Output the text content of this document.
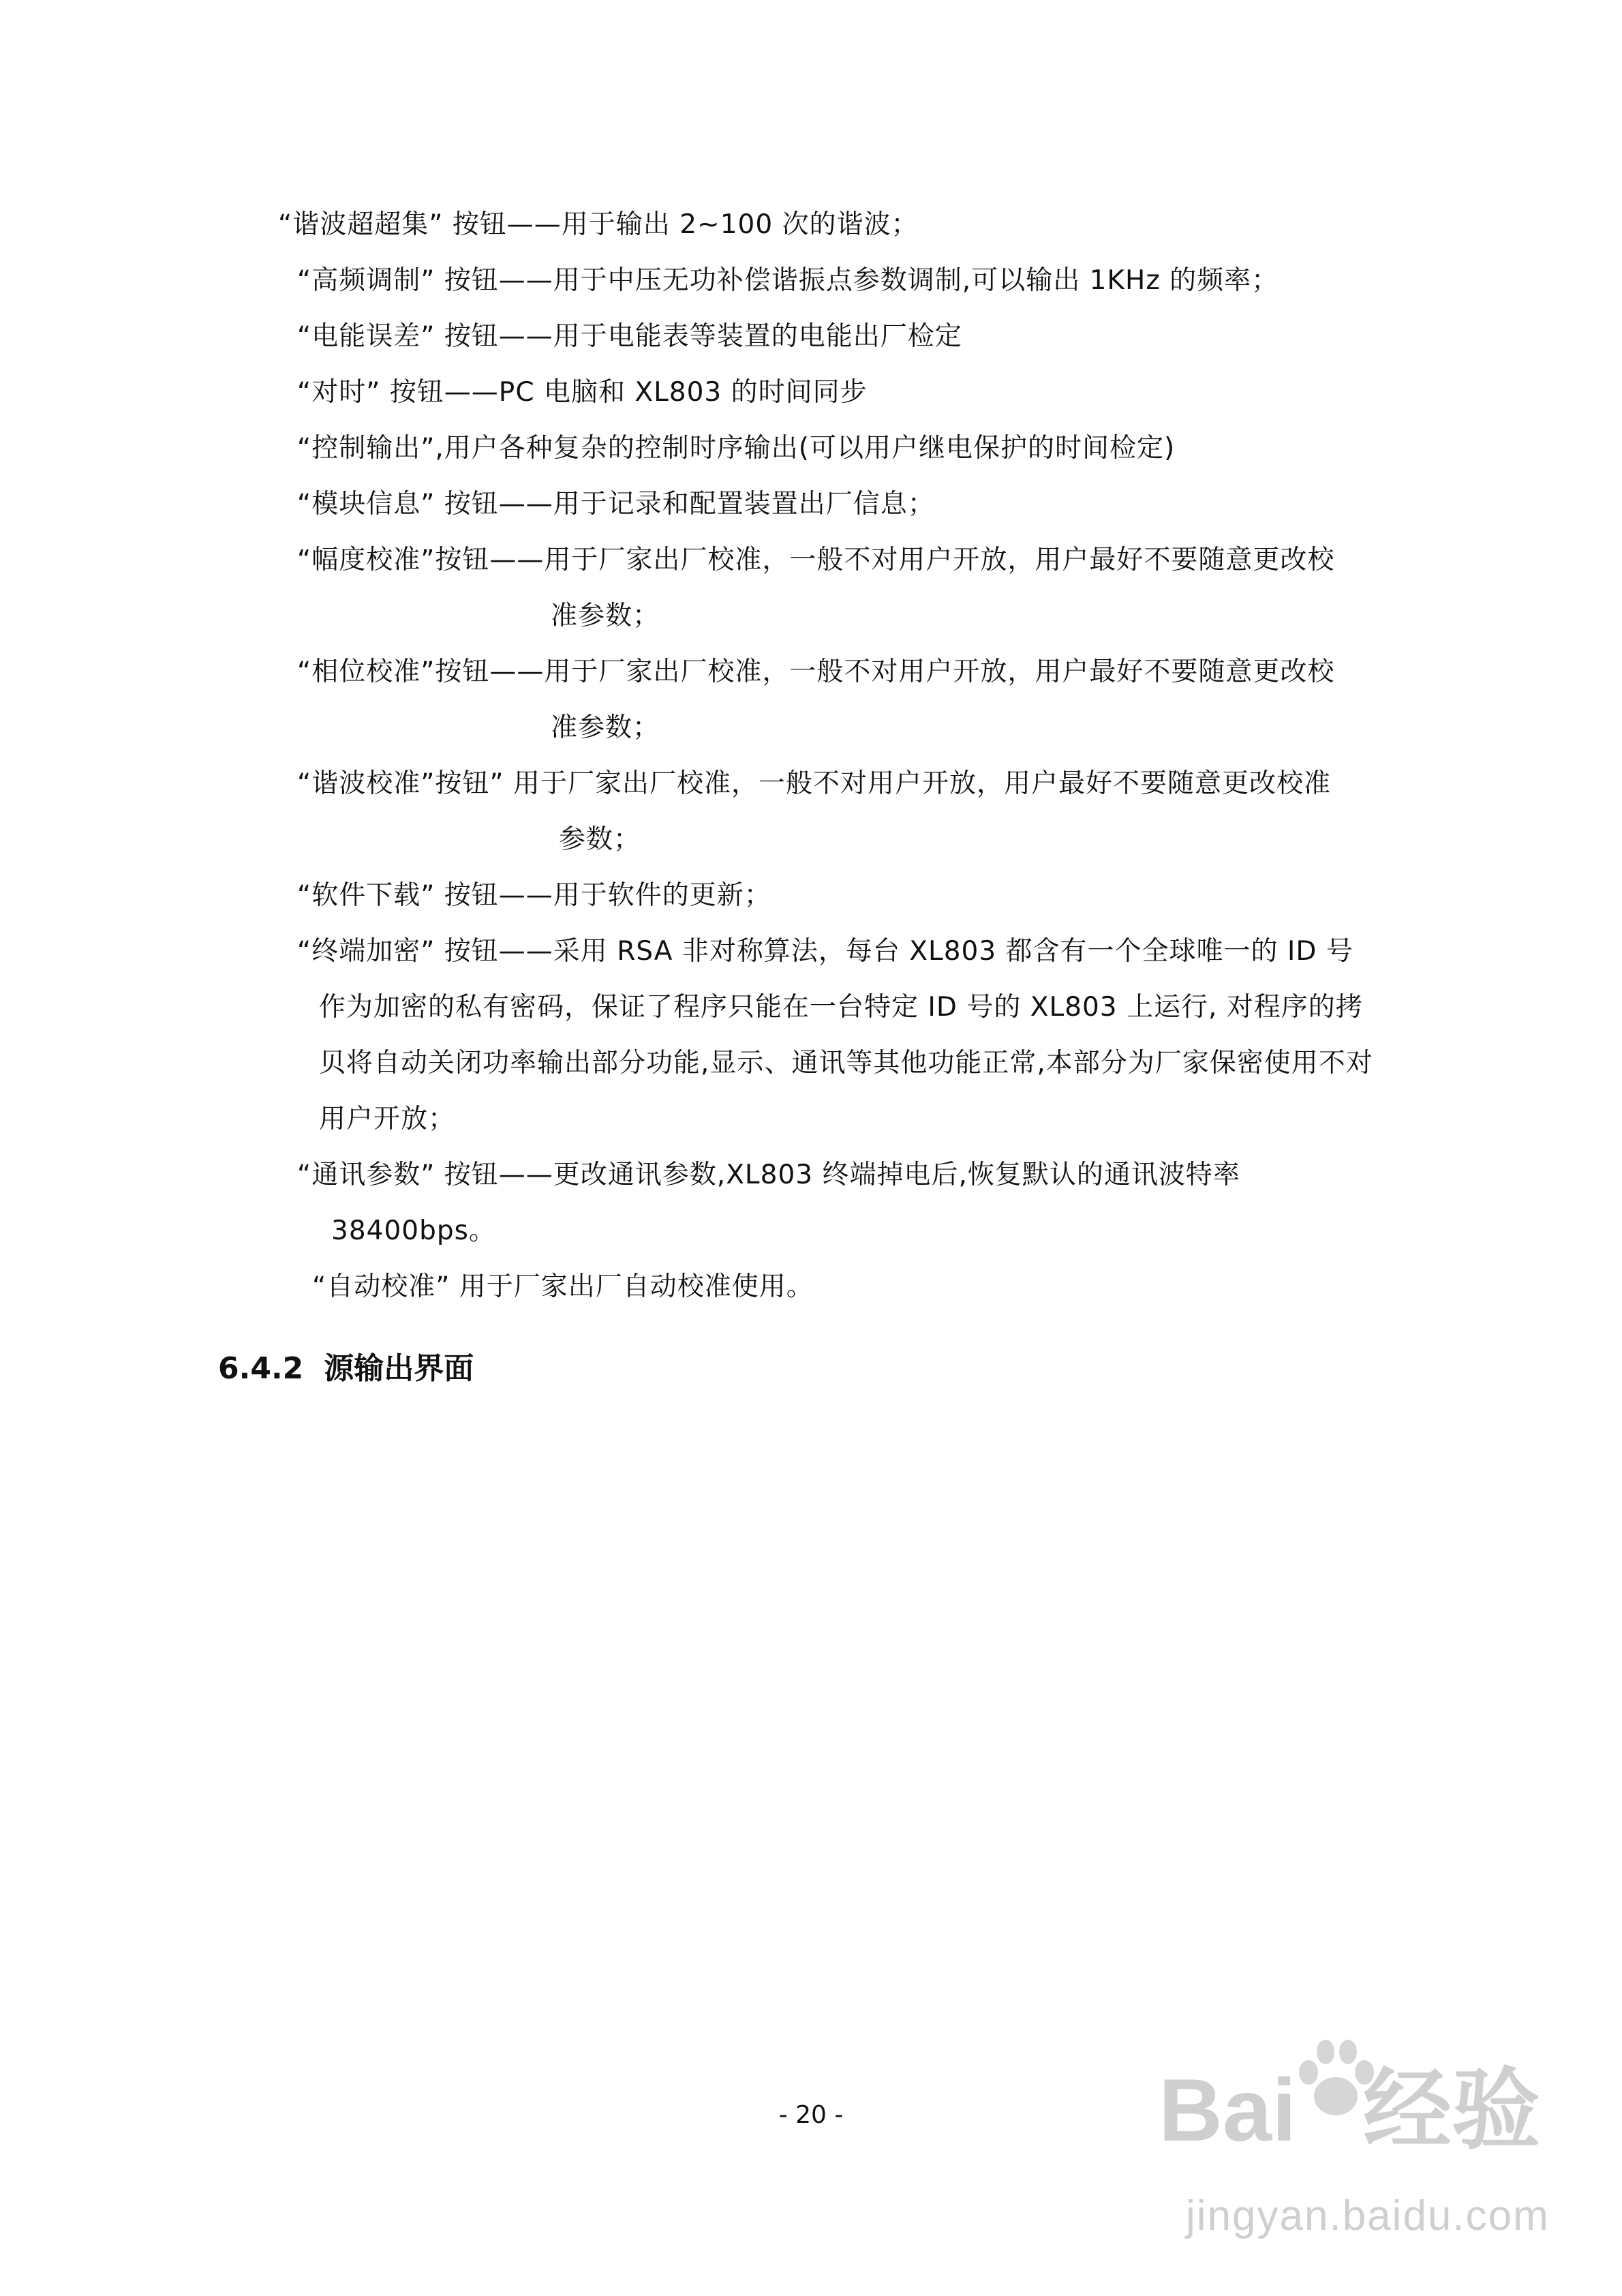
“谐波超超集” 按钮——用于输出 2~100 次的谐波；
“高频调制” 按钮——用于中压无功补偿谐振点参数调制,可以输出 1KHz 的频率；
“电能误差” 按钮——用于电能表等装置的电能出厂检定
“对时” 按钮——PC 电脑和 XL803 的时间同步
“控制输出”,用户各种复杂的控制时序输出(可以用户继电保护的时间检定)
“模块信息” 按钮——用于记录和配置装置出厂信息；
“幅度校准”按钮——用于厂家出厂校准，一般不对用户开放，用户最好不要随意更改校
准参数；
“相位校准”按钮——用于厂家出厂校准，一般不对用户开放，用户最好不要随意更改校
准参数；
“谐波校准”按钮” 用于厂家出厂校准，一般不对用户开放，用户最好不要随意更改校准
参数；
“软件下载” 按钮——用于软件的更新；
“终端加密” 按钮——采用 RSA 非对称算法，每台 XL803 都含有一个全球唯一的 ID 号
作为加密的私有密码，保证了程序只能在一台特定 ID 号的 XL803 上运行, 对程序的拷
贝将自动关闭功率输出部分功能,显示、通讯等其他功能正常,本部分为厂家保密使用不对
用户开放；
“通讯参数” 按钮——更改通讯参数,XL803 终端掉电后,恢复默认的通讯波特率
38400bps。
“自动校准” 用于厂家出厂自动校准使用。
6.4.2 源输出界面
- 20 -	Bai 经验
jingyan.baidu.com
